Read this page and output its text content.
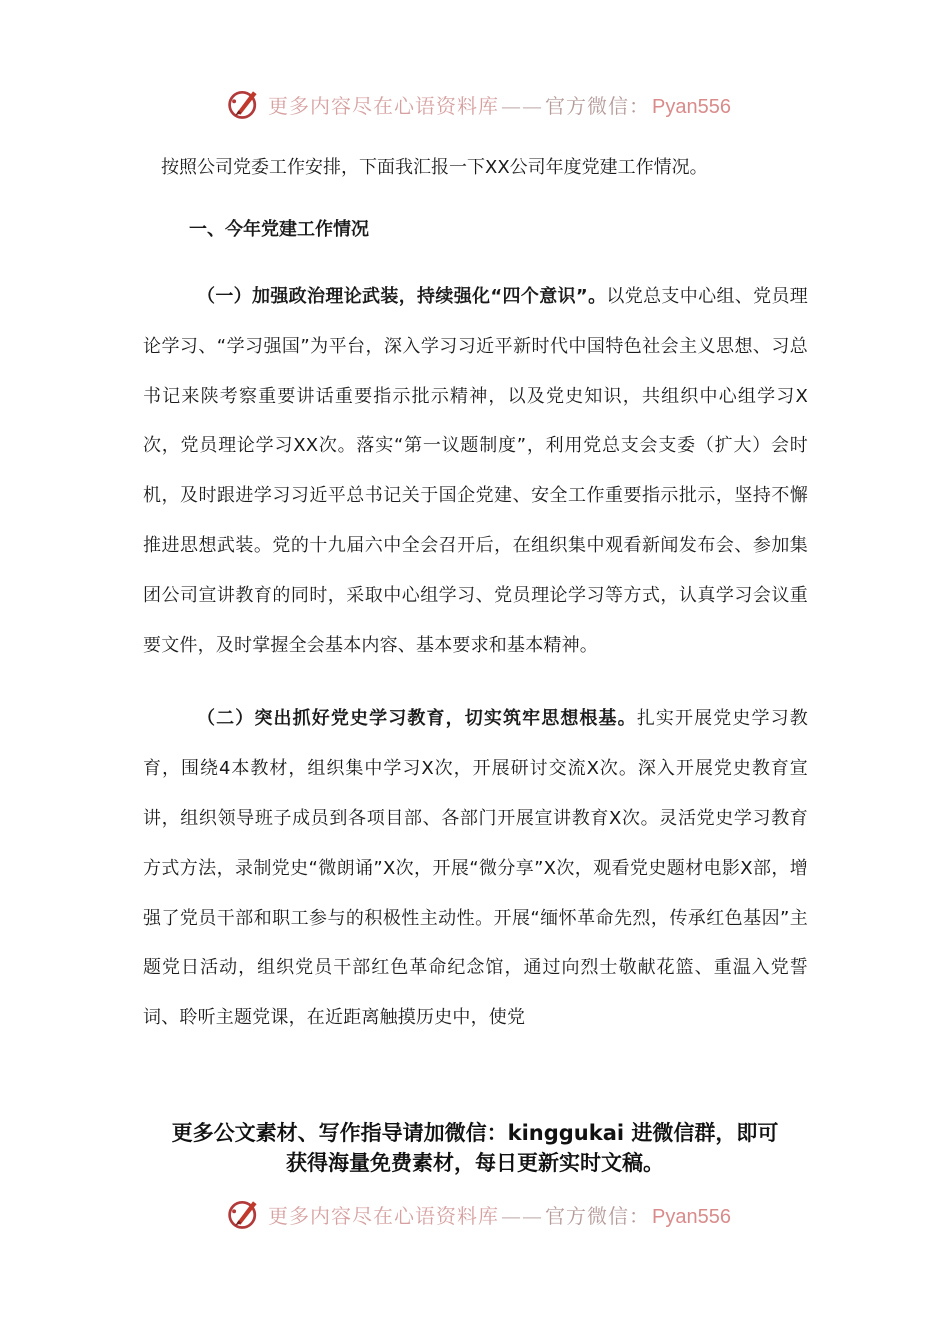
更多内容尽在心语资料库 —— 官方微信： Pyan556

按照公司党委工作安排，下面我汇报一下XX公司年度党建工作情况。

一、今年党建工作情况

（一）加强政治理论武装，持续强化“四个意识”。以党总支中心组、党员理论学习、“学习强国”为平台，深入学习习近平新时代中国特色社会主义思想、习总书记来陕考察重要讲话重要指示批示精神，以及党史知识，共组织中心组学习X次，党员理论学习XX次。落实“第一议题制度”，利用党总支会支委（扩大）会时机，及时跟进学习习近平总书记关于国企党建、安全工作重要指示批示，坚持不懈推进思想武装。党的十九届六中全会召开后，在组织集中观看新闻发布会、参加集团公司宣讲教育的同时，采取中心组学习、党员理论学习等方式，认真学习会议重要文件，及时掌握全会基本内容、基本要求和基本精神。

（二）突出抓好党史学习教育，切实筑牢思想根基。扎实开展党史学习教育，围绕4本教材，组织集中学习X次，开展研讨交流X次。深入开展党史教育宣讲，组织领导班子成员到各项目部、各部门开展宣讲教育X次。灵活党史学习教育方式方法，录制党史“微朗诵”X次，开展“微分享”X次，观看党史题材电影X部，增强了党员干部和职工参与的积极性主动性。开展“缅怀革命先烈，传承红色基因”主题党日活动，组织党员干部红色革命纪念馆，通过向烈士敬献花篮、重温入党誓词、聆听主题党课，在近距离触摸历史中，使党

更多公文素材、写作指导请加微信：kinggukai 进微信群，即可
获得海量免费素材，每日更新实时文稿。
更多内容尽在心语资料库 —— 官方微信： Pyan556
